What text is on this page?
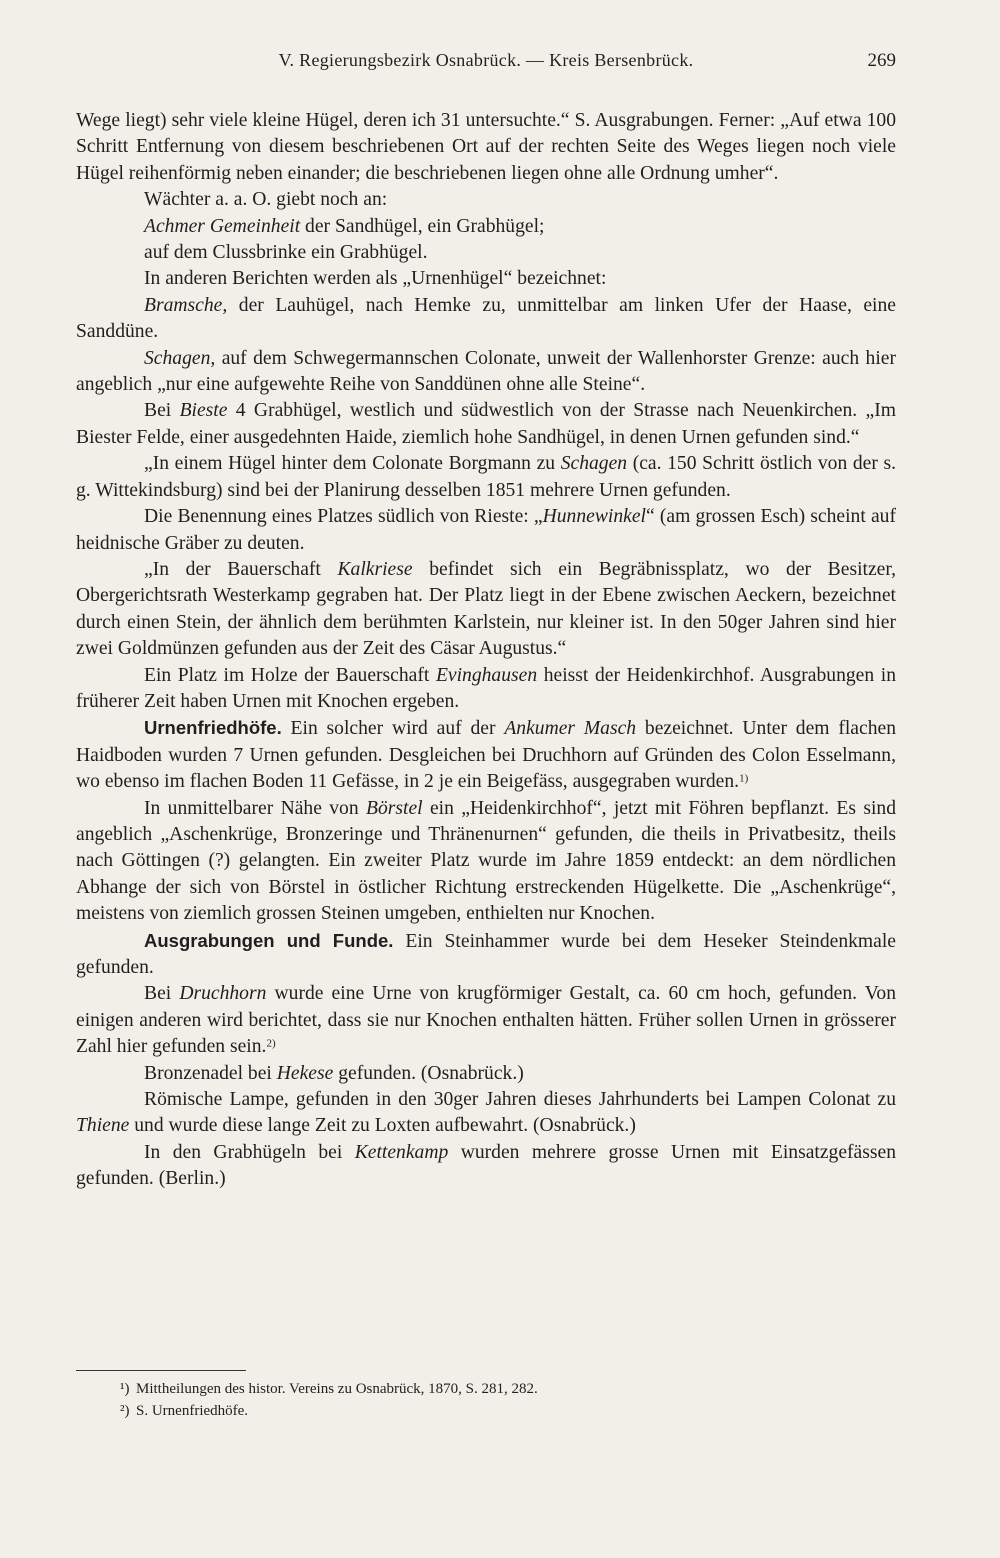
V. Regierungsbezirk Osnabrück. — Kreis Bersenbrück.	269

Wege liegt) sehr viele kleine Hügel, deren ich 31 untersuchte.“ S. Ausgrabungen. Ferner: „Auf etwa 100 Schritt Entfernung von diesem beschriebenen Ort auf der rechten Seite des Weges liegen noch viele Hügel reihenförmig neben einander; die beschriebenen liegen ohne alle Ordnung umher“.

Wächter a. a. O. giebt noch an:

Achmer Gemeinheit der Sandhügel, ein Grabhügel;

auf dem Clussbrinke ein Grabhügel.

In anderen Berichten werden als „Urnenhügel“ bezeichnet:

Bramsche, der Lauhügel, nach Hemke zu, unmittelbar am linken Ufer der Haase, eine Sanddüne.

Schagen, auf dem Schwegermannschen Colonate, unweit der Wallenhorster Grenze: auch hier angeblich „nur eine aufgewehte Reihe von Sanddünen ohne alle Steine“.

Bei Bieste 4 Grabhügel, westlich und südwestlich von der Strasse nach Neuenkirchen. „Im Biester Felde, einer ausgedehnten Haide, ziemlich hohe Sandhügel, in denen Urnen gefunden sind.“

„In einem Hügel hinter dem Colonate Borgmann zu Schagen (ca. 150 Schritt östlich von der s. g. Wittekindsburg) sind bei der Planirung desselben 1851 mehrere Urnen gefunden.

Die Benennung eines Platzes südlich von Rieste: „Hunnewinkel“ (am grossen Esch) scheint auf heidnische Gräber zu deuten.

„In der Bauerschaft Kalkriese befindet sich ein Begräbnissplatz, wo der Besitzer, Obergerichtsrath Westerkamp gegraben hat. Der Platz liegt in der Ebene zwischen Aeckern, bezeichnet durch einen Stein, der ähnlich dem berühmten Karlstein, nur kleiner ist. In den 50ger Jahren sind hier zwei Goldmünzen gefunden aus der Zeit des Cäsar Augustus.“

Ein Platz im Holze der Bauerschaft Evinghausen heisst der Heidenkirchhof. Ausgrabungen in früherer Zeit haben Urnen mit Knochen ergeben.

Urnenfriedhöfe. Ein solcher wird auf der Ankumer Masch bezeichnet. Unter dem flachen Haidboden wurden 7 Urnen gefunden. Desgleichen bei Druchhorn auf Gründen des Colon Esselmann, wo ebenso im flachen Boden 11 Gefässe, in 2 je ein Beigefäss, ausgegraben wurden.$^{1)}$

In unmittelbarer Nähe von Börstel ein „Heidenkirchhof“, jetzt mit Föhren bepflanzt. Es sind angeblich „Aschenkrüge, Bronzeringe und Thränenurnen“ gefunden, die theils in Privatbesitz, theils nach Göttingen (?) gelangten. Ein zweiter Platz wurde im Jahre 1859 entdeckt: an dem nördlichen Abhange der sich von Börstel in östlicher Richtung erstreckenden Hügelkette. Die „Aschenkrüge“, meistens von ziemlich grossen Steinen umgeben, enthielten nur Knochen.

Ausgrabungen und Funde. Ein Steinhammer wurde bei dem Heseker Steindenkmale gefunden.

Bei Druchhorn wurde eine Urne von krugförmiger Gestalt, ca. 60 cm hoch, gefunden. Von einigen anderen wird berichtet, dass sie nur Knochen enthalten hätten. Früher sollen Urnen in grösserer Zahl hier gefunden sein.$^{2)}$

Bronzenadel bei Hekese gefunden. (Osnabrück.)

Römische Lampe, gefunden in den 30ger Jahren dieses Jahrhunderts bei Lampen Colonat zu Thiene und wurde diese lange Zeit zu Loxten aufbewahrt. (Osnabrück.)

In den Grabhügeln bei Kettenkamp wurden mehrere grosse Urnen mit Einsatzgefässen gefunden. (Berlin.)

¹) Mittheilungen des histor. Vereins zu Osnabrück, 1870, S. 281, 282.
²) S. Urnenfriedhöfe.
